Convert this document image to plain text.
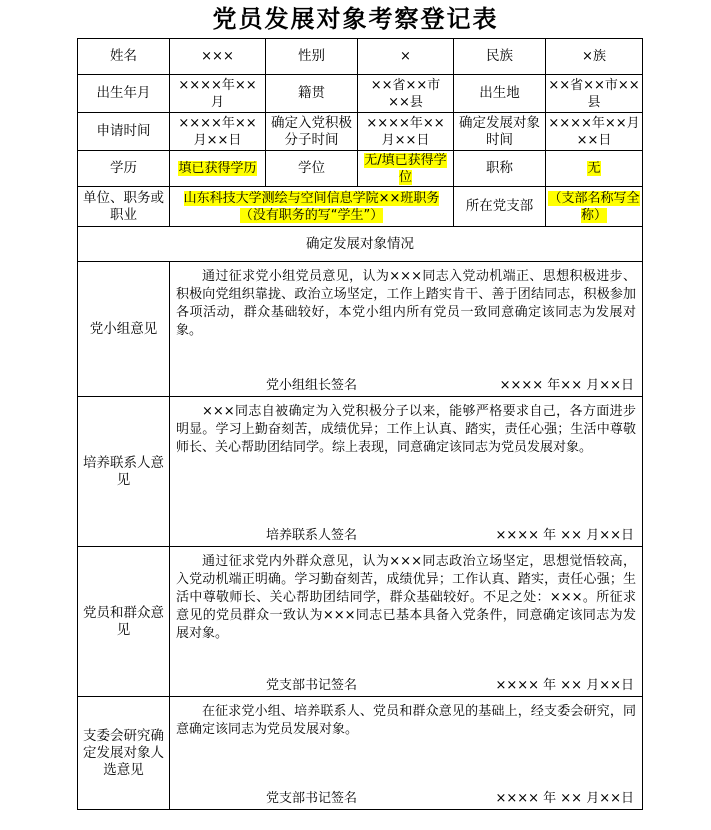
党员发展对象考察登记表
姓名	×××	性别	×	民族	×族
出生年月	××××年××月	籍贯	××省××市××县	出生地	××省××市××县
申请时间	××××年××月××日	确定入党积极分子时间	××××年××月××日	确定发展对象时间	××××年××月××日
学历	填已获得学历	学位	无/填已获得学位	职称	无
单位、职务或职业	山东科技大学测绘与空间信息学院××班职务（没有职务的写“学生”）			所在党支部	（支部名称写全称）
确定发展对象情况					
党小组意见	通过征求党小组党员意见，认为×××同志入党动机端正、思想积极进步、积极向党组织靠拢、政治立场坚定，工作上踏实肯干、善于团结同志，积极参加各项活动，群众基础较好，本党小组内所有党员一致同意确定该同志为发展对象。
党小组组长签名 ×××× 年×× 月××日				

培养联系人意见	×××同志自被确定为入党积极分子以来，能够严格要求自己，各方面进步明显。学习上勤奋刻苦，成绩优异；工作上认真、踏实，责任心强；生活中尊敬师长、关心帮助团结同学。综上表现，同意确定该同志为党员发展对象。
培养联系人签名 ×××× 年 ×× 月××日				

党员和群众意见	通过征求党内外群众意见，认为×××同志政治立场坚定，思想觉悟较高，入党动机端正明确。学习勤奋刻苦，成绩优异；工作认真、踏实，责任心强；生活中尊敬师长、关心帮助团结同学，群众基础较好。不足之处：×××。所征求意见的党员群众一致认为×××同志已基本具备入党条件，同意确定该同志为发展对象。
党支部书记签名 ×××× 年 ×× 月××日				

支委会研究确定发展对象人选意见	在征求党小组、培养联系人、党员和群众意见的基础上，经支委会研究，同意确定该同志为党员发展对象。
党支部书记签名 ×××× 年 ×× 月××日				
